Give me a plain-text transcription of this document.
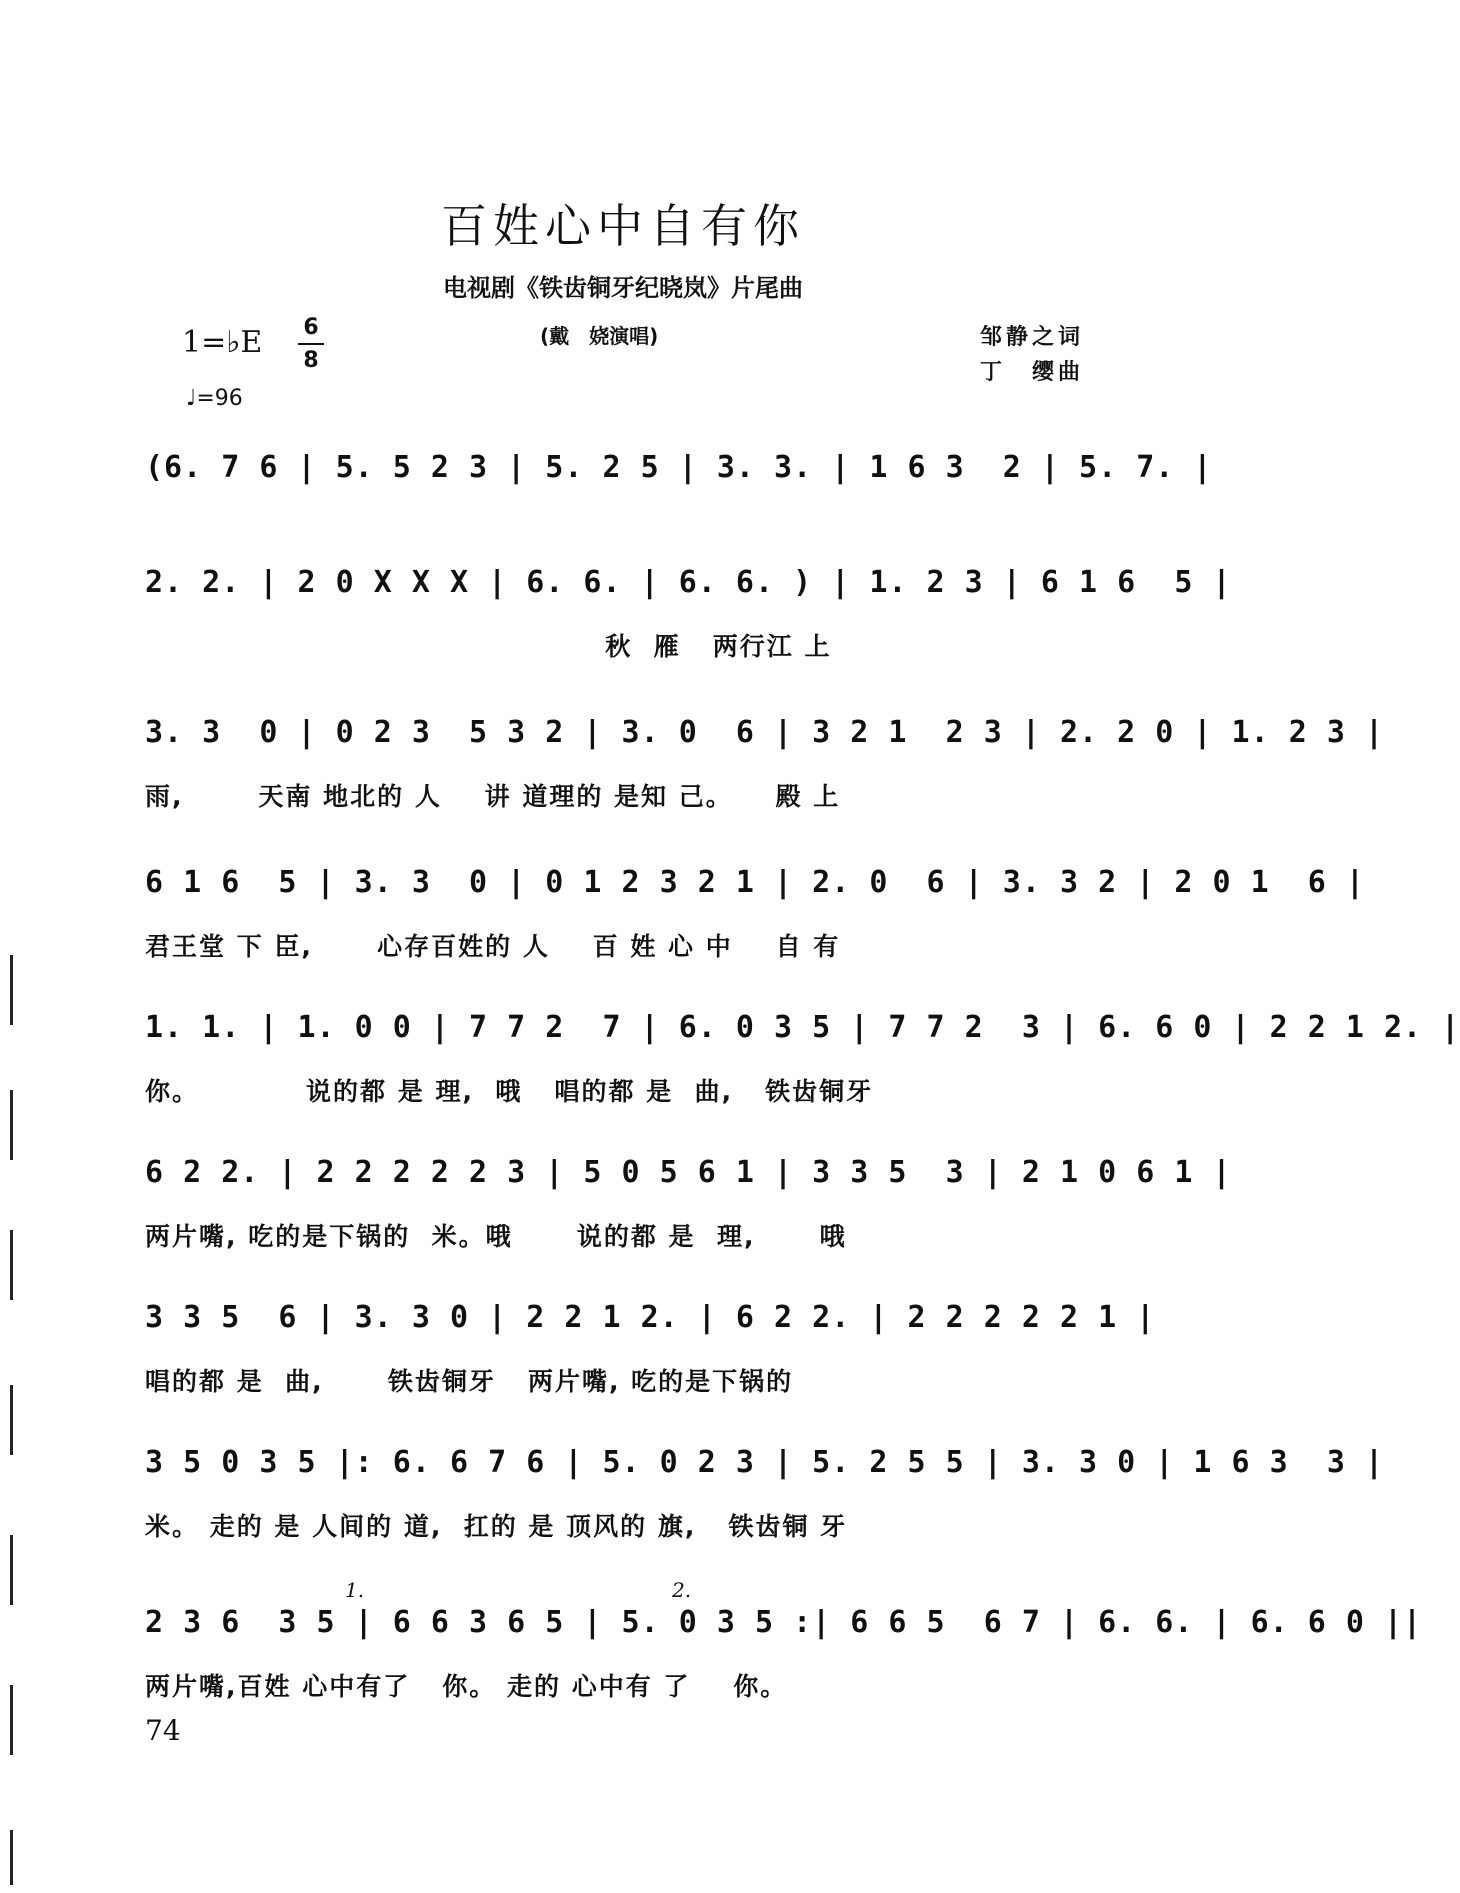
百姓心中自有你
电视剧《铁齿铜牙纪晓岚》片尾曲
1=♭E 6
8
♩=96
(戴　娆演唱)	邹静之词
丁　缨曲
(6. 7 6 | 5. 5 2 3 | 5. 2 5 | 3. 3. | 1 6 3  2 | 5. 7. |
2. 2. | 2 0 X X X | 6. 6. | 6. 6. ) | 1. 2 3 | 6 1 6  5 |
秋  雁   两行江 上
3. 3  0 | 0 2 3  5 3 2 | 3. 0  6 | 3 2 1  2 3 | 2. 2 0 | 1. 2 3 |
雨,       天南 地北的 人    讲 道理的 是知 己。    殿 上
6 1 6  5 | 3. 3  0 | 0 1 2 3 2 1 | 2. 0  6 | 3. 3 2 | 2 0 1  6 |
君王堂 下 臣,      心存百姓的 人    百 姓 心 中    自 有
1. 1. | 1. 0 0 | 7 7 2  7 | 6. 0 3 5 | 7 7 2  3 | 6. 6 0 | 2 2 1 2. |
你。          说的都 是 理,  哦   唱的都 是  曲,   铁齿铜牙
6 2 2. | 2 2 2 2 2 3 | 5 0 5 6 1 | 3 3 5  3 | 2 1 0 6 1 |
两片嘴, 吃的是下锅的  米。哦      说的都 是  理,      哦
3 3 5  6 | 3. 3 0 | 2 2 1 2. | 6 2 2. | 2 2 2 2 2 1 |
唱的都 是  曲,      铁齿铜牙   两片嘴, 吃的是下锅的
3 5 0 3 5 |: 6. 6 7 6 | 5. 0 2 3 | 5. 2 5 5 | 3. 3 0 | 1 6 3  3 |
米。 走的 是 人间的 道,  扛的 是 顶风的 旗,   铁齿铜 牙
2 3 6  3 5 | 6 6 3 6 5 | 5. 0 3 5 :| 6 6 5  6 7 | 6. 6. | 6. 6 0 ||
两片嘴,百姓 心中有了   你。 走的 心中有 了    你。
1.	2.
74
